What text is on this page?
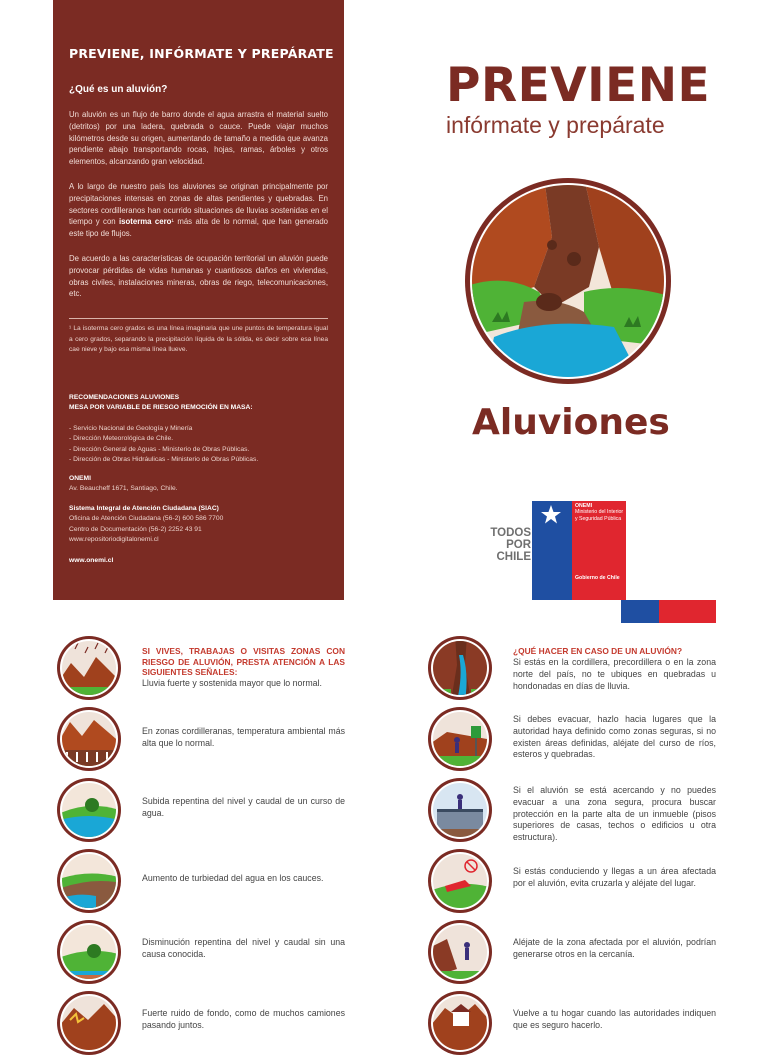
PREVIENE, INFÓRMATE Y PREPÁRATE
¿Qué es un aluvión?

Un aluvión es un flujo de barro donde el agua arrastra el material suelto (detritos) por una ladera, quebrada o cauce. Puede viajar muchos kilómetros desde su origen, aumentando de tamaño a medida que avanza pendiente abajo transportando rocas, hojas, ramas, árboles y otros elementos, alcanzando gran velocidad.

A lo largo de nuestro país los aluviones se originan principalmente por precipitaciones intensas en zonas de altas pendientes y quebradas. En sectores cordilleranos han ocurrido situaciones de lluvias sostenidas en el tiempo y con isoterma cero¹ más alta de lo normal, que han generado este tipo de flujos.

De acuerdo a las características de ocupación territorial un aluvión puede provocar pérdidas de vidas humanas y cuantiosos daños en viviendas, obras civiles, instalaciones mineras, obras de riego, telecomunicaciones, etc.

¹ La isoterma cero grados es una línea imaginaria que une puntos de temperatura igual a cero grados, separando la precipitación líquida de la sólida, es decir sobre esa línea cae nieve y bajo esa misma línea llueve.

RECOMENDACIONES ALUVIONES
MESA POR VARIABLE DE RIESGO REMOCIÓN EN MASA:
- Servicio Nacional de Geología y Minería
- Dirección Meteorológica de Chile.
- Dirección General de Aguas - Ministerio de Obras Públicas.
- Dirección de Obras Hidráulicas - Ministerio de Obras Públicas.
ONEMI
Av. Beaucheff 1671, Santiago, Chile.
Sistema Integral de Atención Ciudadana (SIAC)
Oficina de Atención Ciudadana (56-2) 600 586 7700
Centro de Documentación (56-2) 2252 43 91
www.repositoriodigitalonemi.cl
www.onemi.cl
PREVIENE
infórmate y prepárate
Aluviones
TODOS
POR
CHILE
ONEMI
Ministerio del Interior y Seguridad Pública
Gobierno de Chile

SI VIVES, TRABAJAS O VISITAS ZONAS CON RIESGO DE ALUVIÓN, PRESTA ATENCIÓN A LAS SIGUIENTES SEÑALES:

Lluvia fuerte y sostenida mayor que lo normal.

En zonas cordilleranas, temperatura ambiental más alta que lo normal.

Subida repentina del nivel y caudal de un curso de agua.

Aumento de turbiedad del agua en los cauces.

Disminución repentina del nivel y caudal sin una causa conocida.

Fuerte ruido de fondo, como de muchos camiones pasando juntos.

¿QUÉ HACER EN CASO DE UN ALUVIÓN?

Si estás en la cordillera, precordillera o en la zona norte del país, no te ubiques en quebradas u hondonadas en días de lluvia.

Si debes evacuar, hazlo hacia lugares que la autoridad haya definido como zonas seguras, si no existen áreas definidas, aléjate del curso de ríos, esteros y quebradas.

Si el aluvión se está acercando y no puedes evacuar a una zona segura, procura buscar protección en la parte alta de un inmueble (pisos superiores de casas, techos o edificios u otra estructura).

Si estás conduciendo y llegas a un área afectada por el aluvión, evita cruzarla y aléjate del lugar.

Aléjate de la zona afectada por el aluvión, podrían generarse otros en la cercanía.

Vuelve a tu hogar cuando las autoridades indiquen que es seguro hacerlo.
